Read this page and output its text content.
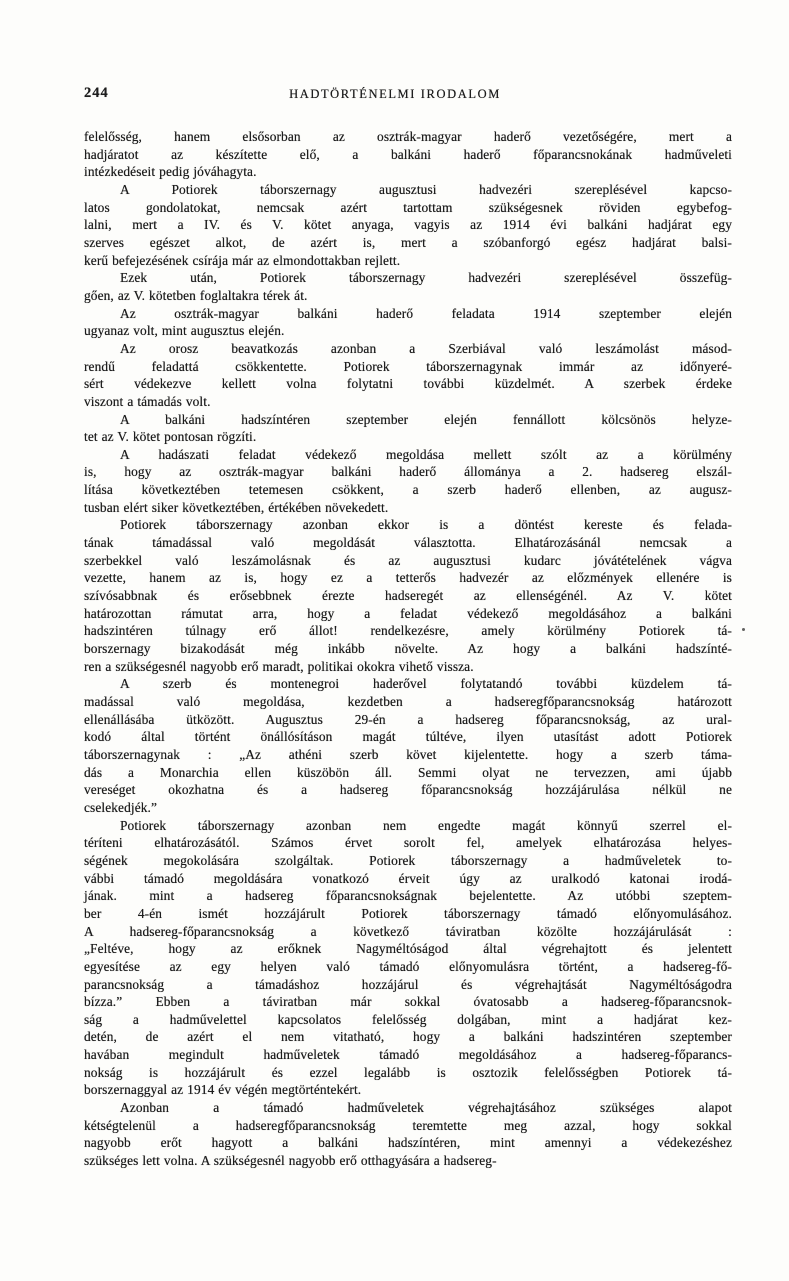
244	HADTÖRTÉNELMI IRODALOM
felelősség, hanem elsősorban az osztrák-magyar haderő vezetőségére, mert a
hadjáratot az készítette elő, a balkáni haderő főparancsnokának hadműveleti
intézkedéseit pedig jóváhagyta.
A Potiorek táborszernagy augusztusi hadvezéri szereplésével kapcso-
latos gondolatokat, nemcsak azért tartottam szükségesnek röviden egybefog-
lalni, mert a IV. és V. kötet anyaga, vagyis az 1914 évi balkáni hadjárat egy
szerves egészet alkot, de azért is, mert a szóbanforgó egész hadjárat balsi-
kerű befejezésének csírája már az elmondottakban rejlett.
Ezek után, Potiorek táborszernagy hadvezéri szereplésével összefüg-
gően, az V. kötetben foglaltakra térek át.
Az osztrák-magyar balkáni haderő feladata 1914 szeptember elején
ugyanaz volt, mint augusztus elején.
Az orosz beavatkozás azonban a Szerbiával való leszámolást másod-
rendű feladattá csökkentette. Potiorek táborszernagynak immár az időnyeré-
sért védekezve kellett volna folytatni további küzdelmét. A szerbek érdeke
viszont a támadás volt.
A balkáni hadszíntéren szeptember elején fennállott kölcsönös helyze-
tet az V. kötet pontosan rögzíti.
A hadászati feladat védekező megoldása mellett szólt az a körülmény
is, hogy az osztrák-magyar balkáni haderő állománya a 2. hadsereg elszál-
lítása következtében tetemesen csökkent, a szerb haderő ellenben, az augusz-
tusban elért siker következtében, értékében növekedett.
Potiorek táborszernagy azonban ekkor is a döntést kereste és felada-
tának támadással való megoldását választotta. Elhatározásánál nemcsak a
szerbekkel való leszámolásnak és az augusztusi kudarc jóvátételének vágva
vezette, hanem az is, hogy ez a tetterős hadvezér az előzmények ellenére is
szívósabbnak és erősebbnek érezte hadseregét az ellenségénél. Az V. kötet
határozottan rámutat arra, hogy a feladat védekező megoldásához a balkáni
hadszintéren túlnagy erő állot! rendelkezésre, amely körülmény Potiorek tá-
borszernagy bizakodását még inkább növelte. Az hogy a balkáni hadszínté-
ren a szükségesnél nagyobb erő maradt, politikai okokra vihető vissza.
A szerb és montenegroi haderővel folytatandó további küzdelem tá-
madással való megoldása, kezdetben a hadseregfőparancsnokság határozott
ellenállásába ütközött. Augusztus 29-én a hadsereg főparancsnokság, az ural-
kodó által történt önállósításon magát túltéve, ilyen utasítást adott Potiorek
táborszernagynak : „Az athéni szerb követ kijelentette. hogy a szerb táma-
dás a Monarchia ellen küszöbön áll. Semmi olyat ne tervezzen, ami újabb
vereséget okozhatna és a hadsereg főparancsnokság hozzájárulása nélkül ne
cselekedjék.”
Potiorek táborszernagy azonban nem engedte magát könnyű szerrel el-
téríteni elhatározásától. Számos érvet sorolt fel, amelyek elhatározása helyes-
ségének megokolására szolgáltak. Potiorek táborszernagy a hadműveletek to-
vábbi támadó megoldására vonatkozó érveit úgy az uralkodó katonai irodá-
jának. mint a hadsereg főparancsnokságnak bejelentette. Az utóbbi szeptem-
ber 4-én ismét hozzájárult Potiorek táborszernagy támadó előnyomulásához.
A hadsereg-főparancsnokság a következő táviratban közölte hozzájárulását :
„Feltéve, hogy az erőknek Nagyméltóságod által végrehajtott és jelentett
egyesítése az egy helyen való támadó előnyomulásra történt, a hadsereg-fő-
parancsnokság a támadáshoz hozzájárul és végrehajtását Nagyméltóságodra
bízza.” Ebben a táviratban már sokkal óvatosabb a hadsereg-főparancsnok-
ság a hadművelettel kapcsolatos felelősség dolgában, mint a hadjárat kez-
detén, de azért el nem vitatható, hogy a balkáni hadszintéren szeptember
havában megindult hadműveletek támadó megoldásához a hadsereg-főparancs-
nokság is hozzájárult és ezzel legalább is osztozik felelősségben Potiorek tá-
borszernaggyal az 1914 év végén megtörténtekért.
Azonban a támadó hadműveletek végrehajtásához szükséges alapot
kétségtelenül a hadseregfőparancsnokság teremtette meg azzal, hogy sokkal
nagyobb erőt hagyott a balkáni hadszíntéren, mint amennyi a védekezéshez
szükséges lett volna. A szükségesnél nagyobb erő otthagyására a hadsereg-
